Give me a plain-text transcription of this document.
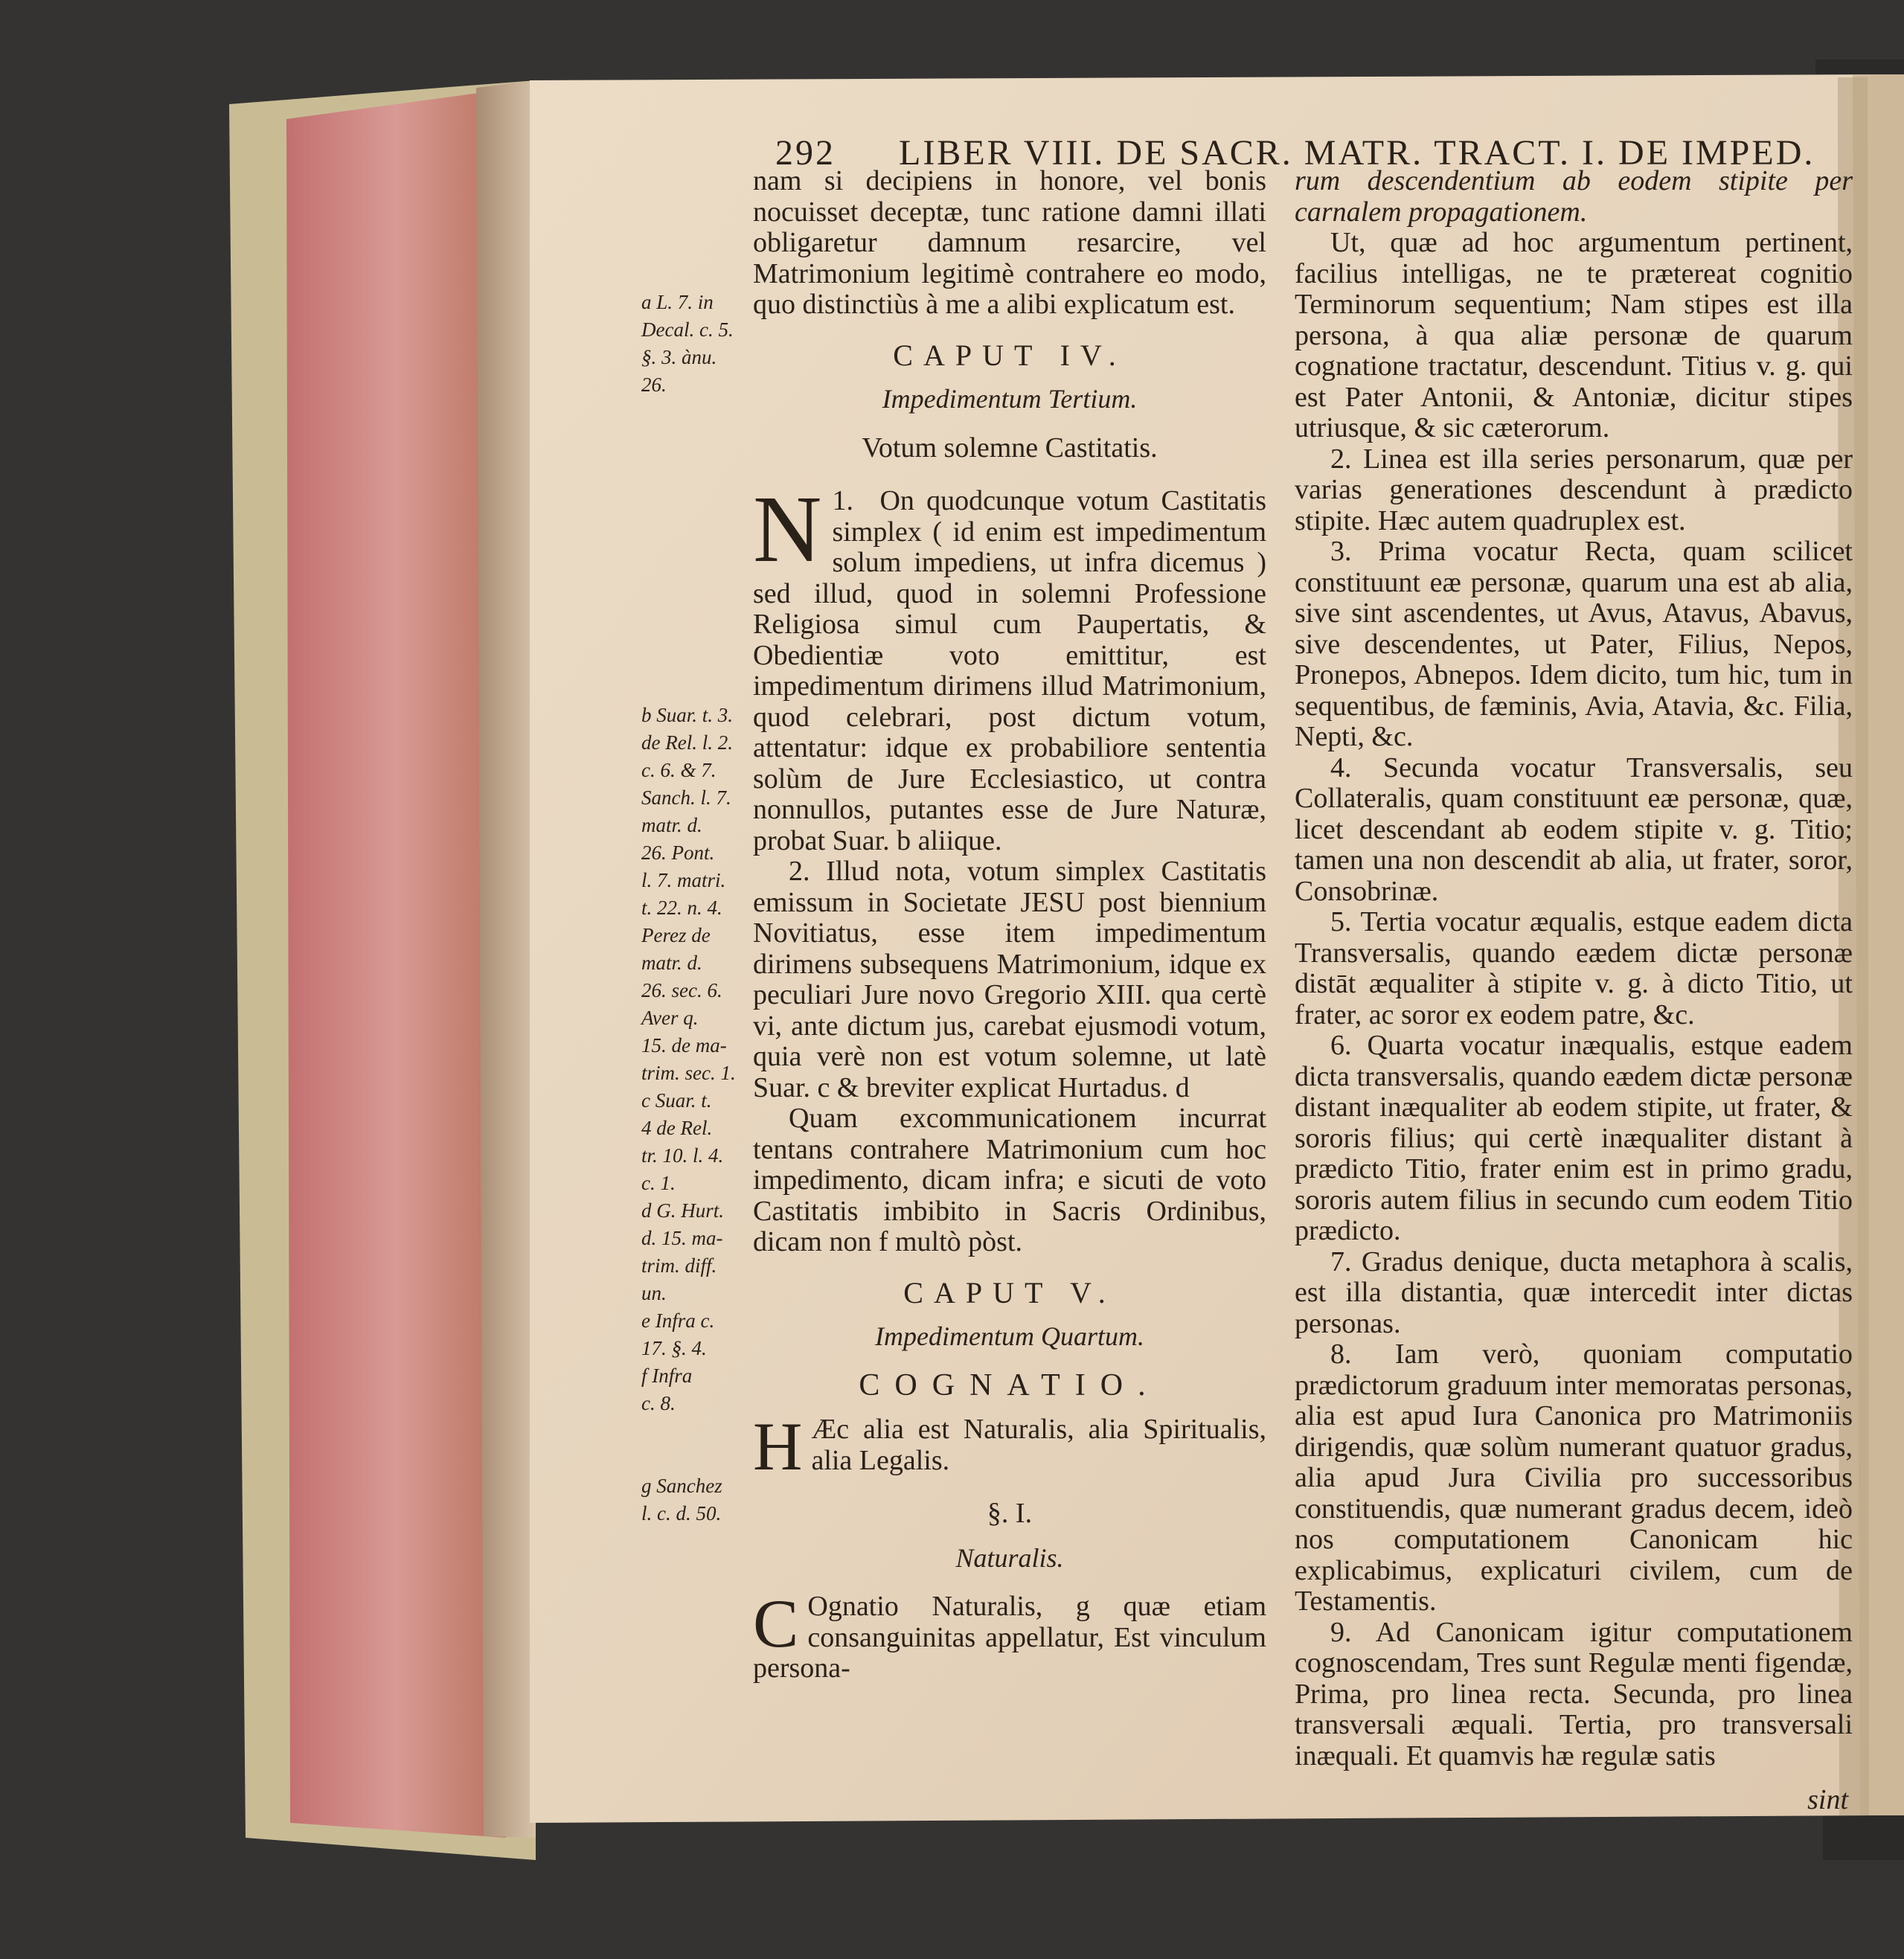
292 LIBER VIII. DE SACR. MATR. TRACT. I. DE IMPED.
a L. 7. in
Decal. c. 5.
§. 3. ànu.
26.

b Suar. t. 3.
de Rel. l. 2.
c. 6. & 7.
Sanch. l. 7.
matr. d.
26. Pont.
l. 7. matri.
t. 22. n. 4.
Perez de
matr. d.
26. sec. 6.
Aver q.
15. de ma-
trim. sec. 1.
c Suar. t.
4 de Rel.
tr. 10. l. 4.
c. 1.
d G. Hurt.
d. 15. ma-
trim. diff.
un.
e Infra c.
17. §. 4.
f Infra
c. 8.

g Sanchez
l. c. d. 50.

nam si decipiens in honore, vel bonis nocuisset deceptæ, tunc ratione damni illati obligaretur damnum resarcire, vel Matrimonium legitimè contrahere eo modo, quo distinctiùs à me a alibi explicatum est.

CAPUT IV.
Impedimentum Tertium.
Votum solemne Castitatis.

1.
N On quodcunque votum Castitatis simplex ( id enim est impedimentum solum impediens, ut infra dicemus ) sed illud, quod in solemni Professione Religiosa simul cum Paupertatis, & Obedientiæ voto emittitur, est impedimentum dirimens illud Matrimonium, quod celebrari, post dictum votum, attentatur: idque ex probabiliore sententia solùm de Jure Ecclesiastico, ut contra nonnullos, putantes esse de Jure Naturæ, probat Suar. b aliique.

2. Illud nota, votum simplex Castitatis emissum in Societate JESU post biennium Novitiatus, esse item impedimentum dirimens subsequens Matrimonium, idque ex peculiari Jure novo Gregorio XIII. qua certè vi, ante dictum jus, carebat ejusmodi votum, quia verè non est votum solemne, ut latè Suar. c & breviter explicat Hurtadus. d

Quam excommunicationem incurrat tentans contrahere Matrimonium cum hoc impedimento, dicam infra; e sicuti de voto Castitatis imbibito in Sacris Ordinibus, dicam non f multò pòst.

CAPUT V.
Impedimentum Quartum.
COGNATIO.

H Æc alia est Naturalis, alia Spiritualis, alia Legalis.

§. I.
Naturalis.

C Ognatio Naturalis, g quæ etiam consanguinitas appellatur, Est vinculum persona-

rum descendentium ab eodem stipite per carnalem propagationem.

Ut, quæ ad hoc argumentum pertinent, facilius intelligas, ne te prætereat cognitio Terminorum sequentium; Nam stipes est illa persona, à qua aliæ personæ de quarum cognatione tractatur, descendunt. Titius v. g. qui est Pater Antonii, & Antoniæ, dicitur stipes utriusque, & sic cæterorum.

2. Linea est illa series personarum, quæ per varias generationes descendunt à prædicto stipite. Hæc autem quadruplex est.

3. Prima vocatur Recta, quam scilicet constituunt eæ personæ, quarum una est ab alia, sive sint ascendentes, ut Avus, Atavus, Abavus, sive descendentes, ut Pater, Filius, Nepos, Pronepos, Abnepos. Idem dicito, tum hic, tum in sequentibus, de fæminis, Avia, Atavia, &c. Filia, Nepti, &c.

4. Secunda vocatur Transversalis, seu Collateralis, quam constituunt eæ personæ, quæ, licet descendant ab eodem stipite v. g. Titio; tamen una non descendit ab alia, ut frater, soror, Consobrinæ.

5. Tertia vocatur æqualis, estque eadem dicta Transversalis, quando eædem dictæ personæ distāt æqualiter à stipite v. g. à dicto Titio, ut frater, ac soror ex eodem patre, &c.

6. Quarta vocatur inæqualis, estque eadem dicta transversalis, quando eædem dictæ personæ distant inæqualiter ab eodem stipite, ut frater, & sororis filius; qui certè inæqualiter distant à prædicto Titio, frater enim est in primo gradu, sororis autem filius in secundo cum eodem Titio prædicto.

7. Gradus denique, ducta metaphora à scalis, est illa distantia, quæ intercedit inter dictas personas.

8. Iam verò, quoniam computatio prædictorum graduum inter memoratas personas, alia est apud Iura Canonica pro Matrimoniis dirigendis, quæ solùm numerant quatuor gradus, alia apud Jura Civilia pro successoribus constituendis, quæ numerant gradus decem, ideò nos computationem Canonicam hic explicabimus, explicaturi civilem, cum de Testamentis.

9. Ad Canonicam igitur computationem cognoscendam, Tres sunt Regulæ menti figendæ, Prima, pro linea recta. Secunda, pro linea transversali æquali. Tertia, pro transversali inæquali. Et quamvis hæ regulæ satis

sint
